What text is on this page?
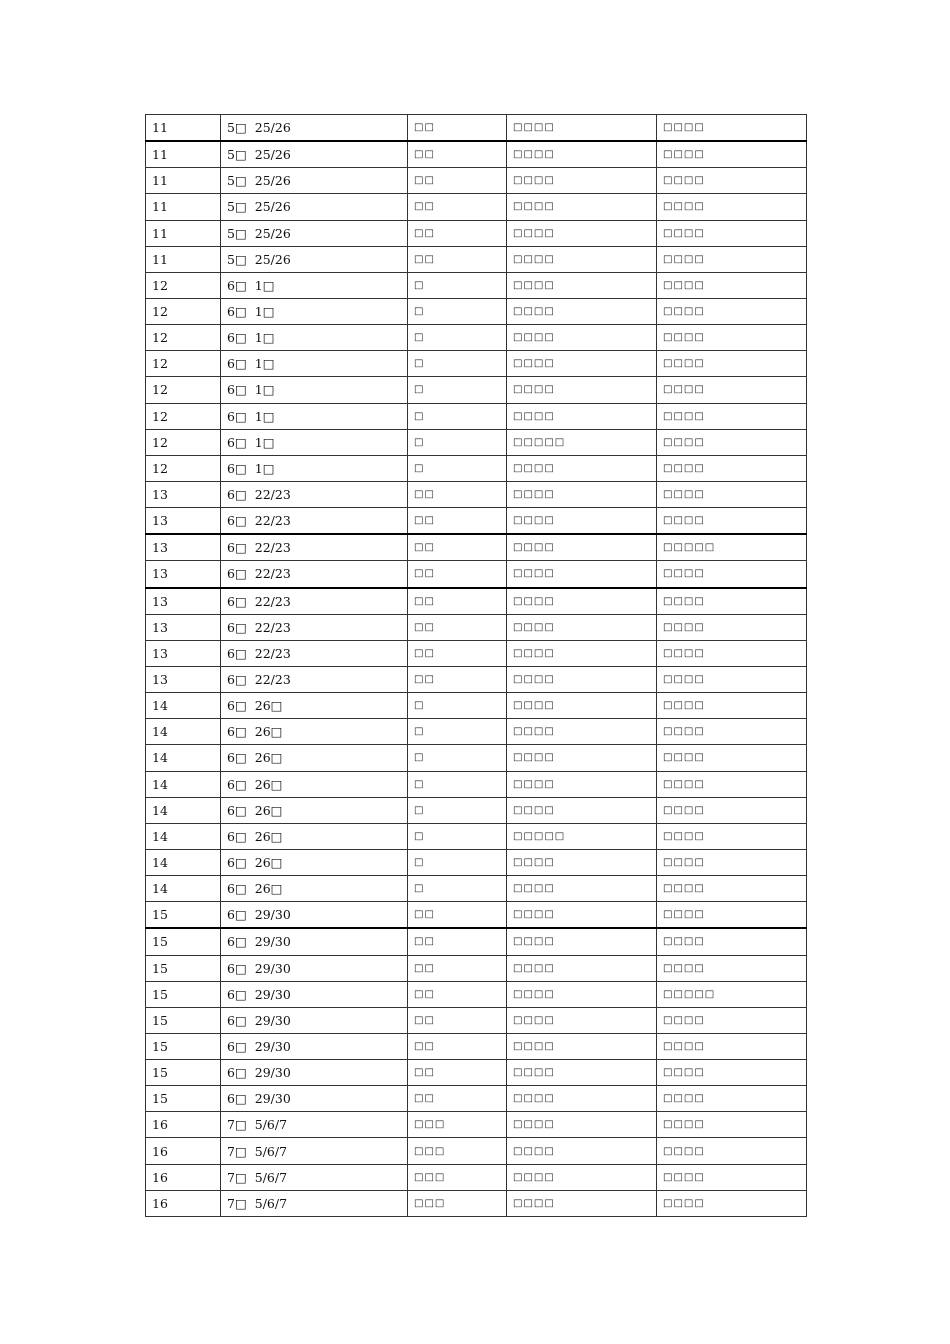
11	5□ 25/26	□□	□□□□	□□□□
11	5□ 25/26	□□	□□□□	□□□□
11	5□ 25/26	□□	□□□□	□□□□
11	5□ 25/26	□□	□□□□	□□□□
11	5□ 25/26	□□	□□□□	□□□□
11	5□ 25/26	□□	□□□□	□□□□
12	6□ 1□	□	□□□□	□□□□
12	6□ 1□	□	□□□□	□□□□
12	6□ 1□	□	□□□□	□□□□
12	6□ 1□	□	□□□□	□□□□
12	6□ 1□	□	□□□□	□□□□
12	6□ 1□	□	□□□□	□□□□
12	6□ 1□	□	□□□□□	□□□□
12	6□ 1□	□	□□□□	□□□□
13	6□ 22/23	□□	□□□□	□□□□
13	6□ 22/23	□□	□□□□	□□□□
13	6□ 22/23	□□	□□□□	□□□□□
13	6□ 22/23	□□	□□□□	□□□□
13	6□ 22/23	□□	□□□□	□□□□
13	6□ 22/23	□□	□□□□	□□□□
13	6□ 22/23	□□	□□□□	□□□□
13	6□ 22/23	□□	□□□□	□□□□
14	6□ 26□	□	□□□□	□□□□
14	6□ 26□	□	□□□□	□□□□
14	6□ 26□	□	□□□□	□□□□
14	6□ 26□	□	□□□□	□□□□
14	6□ 26□	□	□□□□	□□□□
14	6□ 26□	□	□□□□□	□□□□
14	6□ 26□	□	□□□□	□□□□
14	6□ 26□	□	□□□□	□□□□
15	6□ 29/30	□□	□□□□	□□□□
15	6□ 29/30	□□	□□□□	□□□□
15	6□ 29/30	□□	□□□□	□□□□
15	6□ 29/30	□□	□□□□	□□□□□
15	6□ 29/30	□□	□□□□	□□□□
15	6□ 29/30	□□	□□□□	□□□□
15	6□ 29/30	□□	□□□□	□□□□
15	6□ 29/30	□□	□□□□	□□□□
16	7□ 5/6/7	□□□	□□□□	□□□□
16	7□ 5/6/7	□□□	□□□□	□□□□
16	7□ 5/6/7	□□□	□□□□	□□□□
16	7□ 5/6/7	□□□	□□□□	□□□□
